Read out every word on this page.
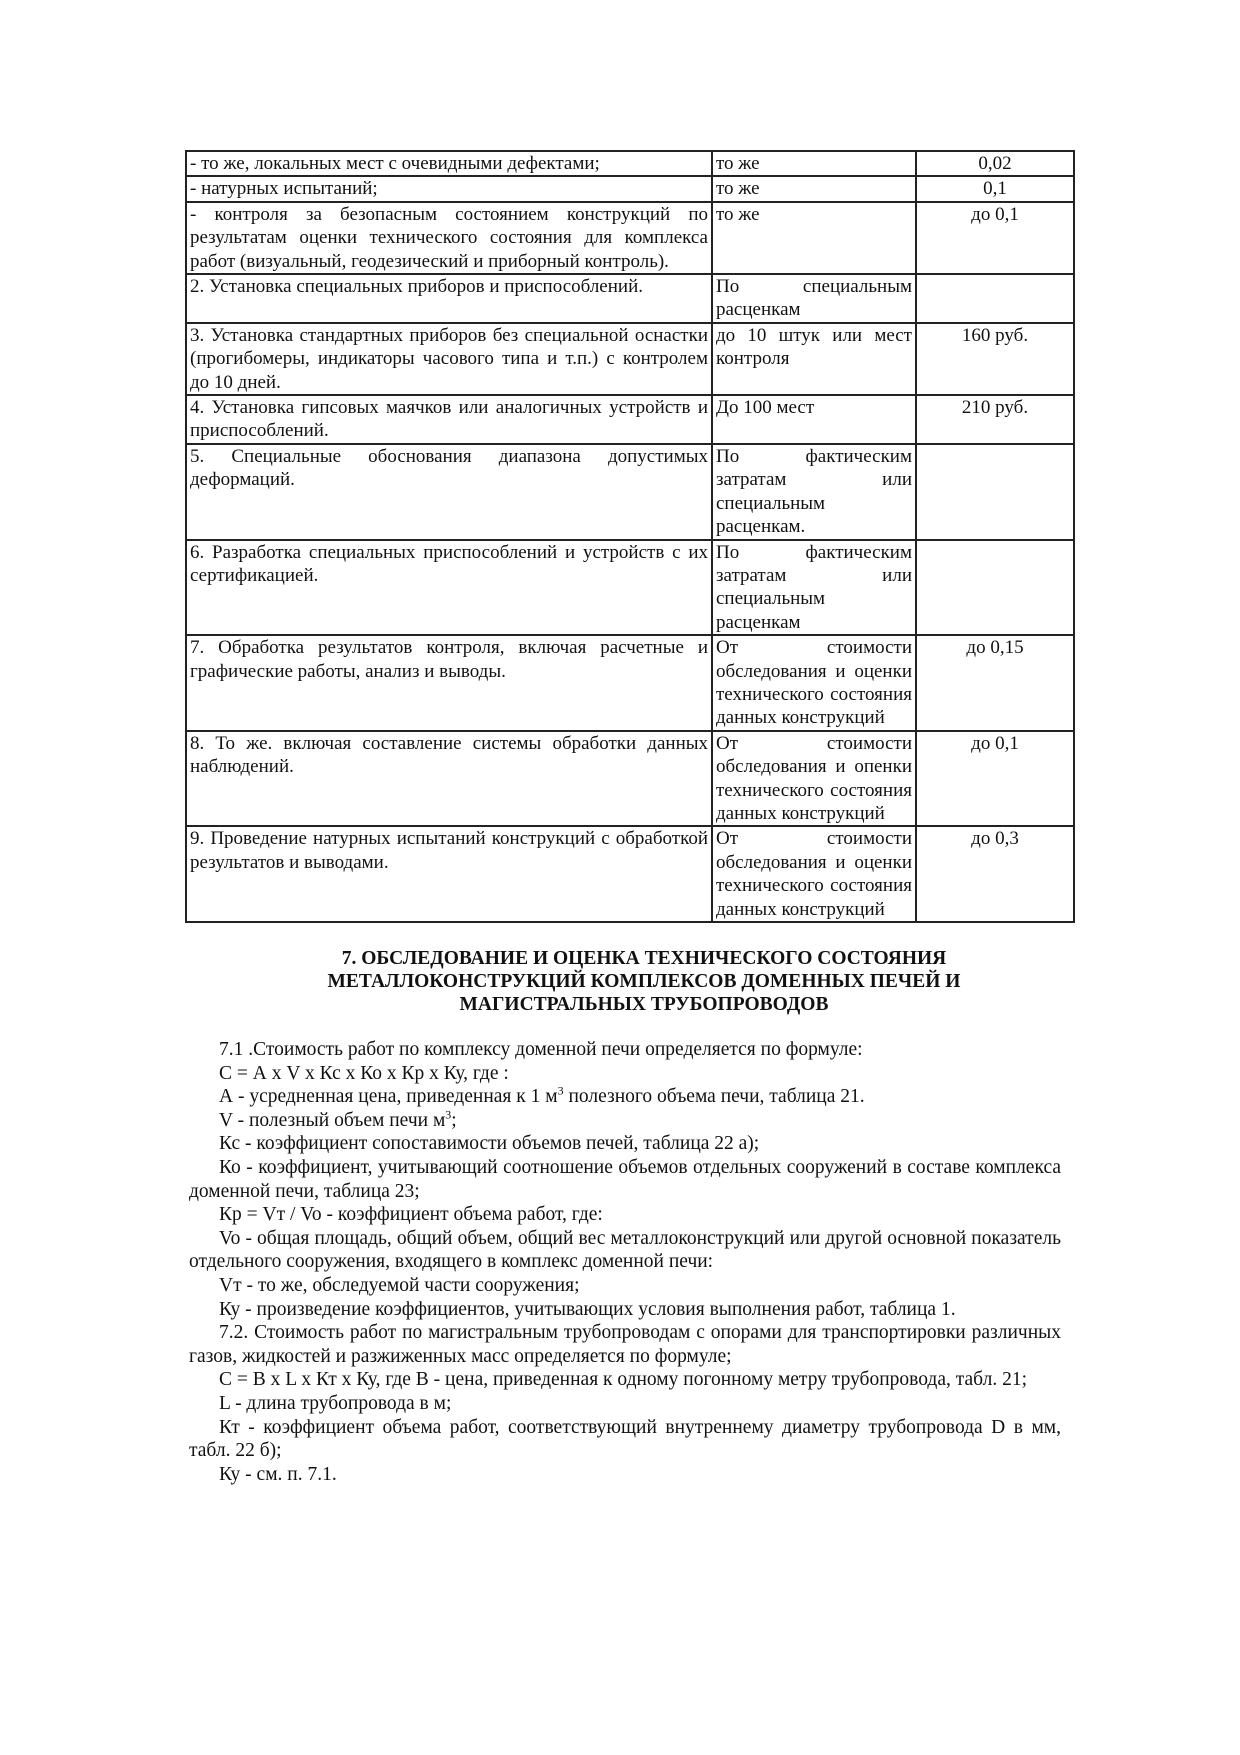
- то же, локальных мест с очевидными дефектами;	то же	0,02
- натурных испытаний;	то же	0,1
- контроля за безопасным состоянием конструкций по результатам оценки технического состояния для комплекса работ (визуальный, геодезический и приборный контроль).	то же	до 0,1
2. Установка специальных приборов и приспособлений.	По специальным расценкам	
3. Установка стандартных приборов без специальной оснастки (прогибомеры, индикаторы часового типа и т.п.) с контролем до 10 дней.	до 10 штук или мест контроля	160 руб.
4. Установка гипсовых маячков или аналогичных устройств и приспособлений.	До 100 мест	210 руб.
5. Специальные обоснования диапазона допустимых деформаций.	По фактическим затратам или специальным расценкам.	
6. Разработка специальных приспособлений и устройств с их сертификацией.	По фактическим затратам или специальным расценкам	
7. Обработка результатов контроля, включая расчетные и графические работы, анализ и выводы.	От стоимости обследования и оценки технического состояния данных конструкций	до 0,15
8. То же. включая составление системы обработки данных наблюдений.	От стоимости обследования и опенки технического состояния данных конструкций	до 0,1
9. Проведение натурных испытаний конструкций с обработкой результатов и выводами.	От стоимости обследования и оценки технического состояния данных конструкций	до 0,3
7. ОБСЛЕДОВАНИЕ И ОЦЕНКА ТЕХНИЧЕСКОГО СОСТОЯНИЯ
МЕТАЛЛОКОНСТРУКЦИЙ КОМПЛЕКСОВ ДОМЕННЫХ ПЕЧЕЙ И
МАГИСТРАЛЬНЫХ ТРУБОПРОВОДОВ

7.1 .Стоимость работ по комплексу доменной печи определяется по формуле:

С = А х V х Кс х Ко х Кр х Ку, где :

А - усредненная цена, приведенная к 1 $м^3$ полезного объема печи, таблица 21.

V - полезный объем печи $м^3$;

Кс - коэффициент сопоставимости объемов печей, таблица 22 а);

Ко - коэффициент, учитывающий соотношение объемов отдельных сооружений в составе комплекса доменной печи, таблица 23;

Кр = Vт / Vo - коэффициент объема работ, где:

Vo - общая площадь, общий объем, общий вес металлоконструкций или другой основной показатель отдельного сооружения, входящего в комплекс доменной печи:

Vт - то же, обследуемой части сооружения;

Ку - произведение коэффициентов, учитывающих условия выполнения работ, таблица 1.

7.2. Стоимость работ по магистральным трубопроводам с опорами для транспортировки различных газов, жидкостей и разжиженных масс определяется по формуле;

С = В х L х Кт х Ку, где В - цена, приведенная к одному погонному метру трубопровода, табл. 21;

L - длина трубопровода в м;

Кт - коэффициент объема работ, соответствующий внутреннему диаметру трубопровода D в мм, табл. 22 б);

Ку - см. п. 7.1.
